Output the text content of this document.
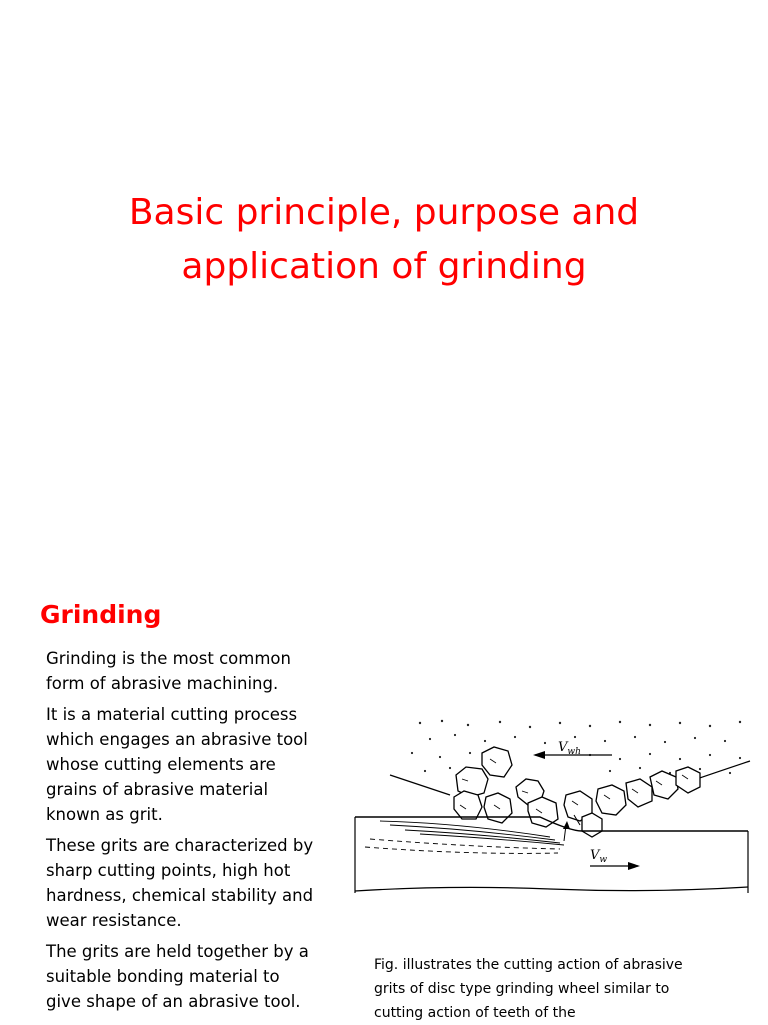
Basic principle, purpose and
application of grinding
Grinding
Grinding is the most common form of abrasive machining.
It is a material cutting process which engages an abrasive tool whose cutting elements are grains of abrasive material known as grit.
These grits are characterized by sharp cutting points, high hot hardness, chemical stability and wear resistance.
The grits are held together by a suitable bonding material to give shape of an abrasive tool.
$V_{wh}$
$V_w$
Fig. illustrates the cutting action of abrasive grits of disc type grinding wheel similar to cutting action of teeth of the
